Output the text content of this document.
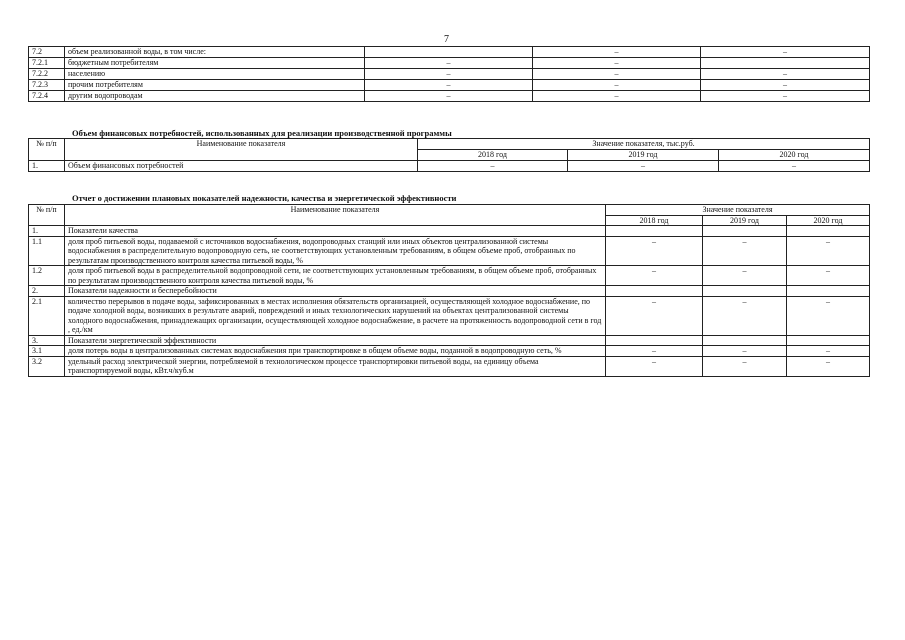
7
7.2	объем реализованной воды, в том числе:		–	–
7.2.1	бюджетным потребителям	–	–	
7.2.2	населению	–	–	–
7.2.3	прочим потребителям	–	–	–
7.2.4	другим водопроводам	–	–	–
Объем финансовых потребностей, использованных для реализации производственной программы
№ п/п	Наименование показателя	Значение показателя, тыс.руб.		
		2018 год	2019 год	2020 год
1.	Объем финансовых потребностей	–	–	–
Отчет о достижении плановых показателей надежности, качества и энергетической эффективности
№ п/п	Наименование показателя	Значение показателя		
		2018 год	2019 год	2020 год
1.	Показатели качества			
1.1	доля проб питьевой воды, подаваемой с источников водоснабжения, водопроводных станций или иных объектов централизованной системы водоснабжения в распределительную водопроводную сеть, не соответствующих установленным требованиям, в общем объеме проб, отобранных по результатам производственного контроля качества питьевой воды, %	–	–	–
1.2	доля проб питьевой воды в распределительной водопроводной сети, не соответствующих установленным требованиям, в общем объеме проб, отобранных по результатам производственного контроля качества питьевой воды, %	–	–	–
2.	Показатели надежности и бесперебойности			
2.1	количество перерывов в подаче воды, зафиксированных в местах исполнения обязательств организацией, осуществляющей холодное водоснабжение, по подаче холодной воды, возникших в результате аварий, повреждений и иных технологических нарушений на объектах централизованной системы холодного водоснабжения, принадлежащих организации, осуществляющей холодное водоснабжение, в расчете на протяженность водопроводной сети в год , ед./км	–	–	–
3.	Показатели энергетической эффективности			
3.1	доля потерь воды в централизованных системах водоснабжения при транспортировке в общем объеме воды, поданной в водопроводную сеть, %	–	–	–
3.2	удельный расход электрической энергии, потребляемой в технологическом процессе транспортировки питьевой воды, на единицу объема транспортируемой воды, кВт.ч/куб.м	–	–	–
